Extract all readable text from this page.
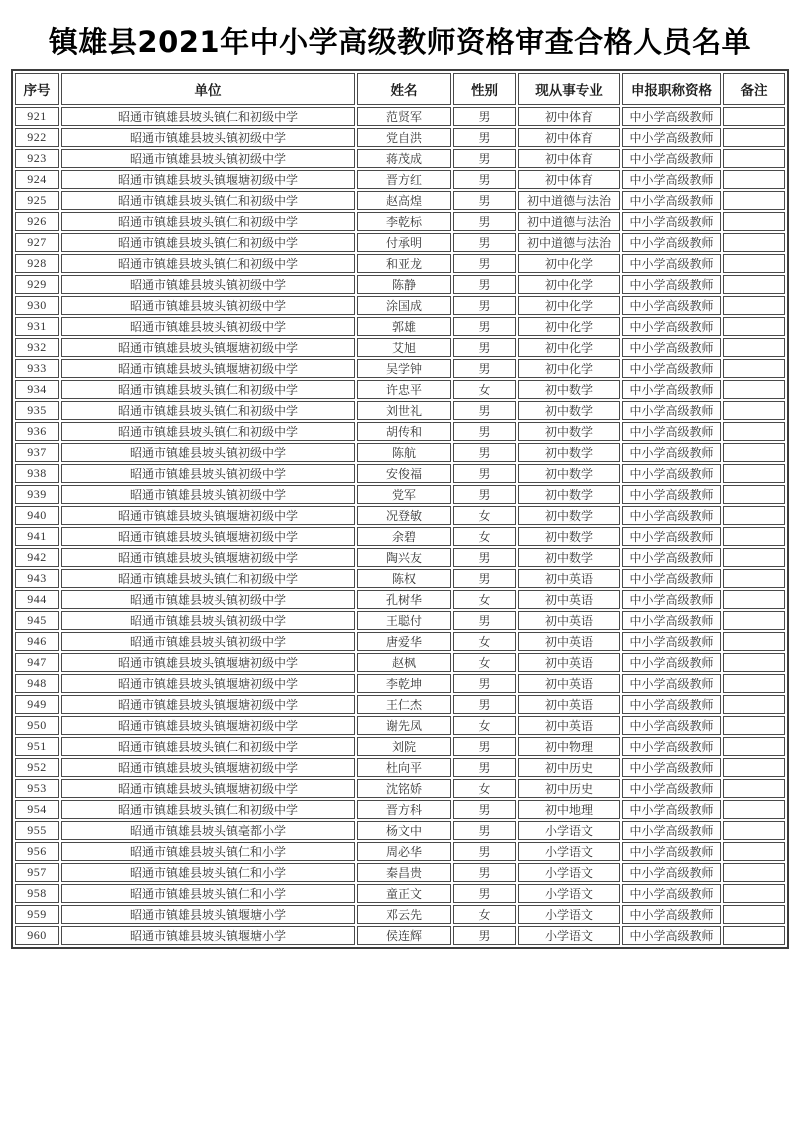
镇雄县2021年中小学高级教师资格审查合格人员名单
序号	单位	姓名	性别	现从事专业	申报职称资格	备注
921	昭通市镇雄县坡头镇仁和初级中学	范贤军	男	初中体育	中小学高级教师	
922	昭通市镇雄县坡头镇初级中学	党自洪	男	初中体育	中小学高级教师	
923	昭通市镇雄县坡头镇初级中学	蒋茂成	男	初中体育	中小学高级教师	
924	昭通市镇雄县坡头镇堰塘初级中学	晋方红	男	初中体育	中小学高级教师	
925	昭通市镇雄县坡头镇仁和初级中学	赵高煌	男	初中道德与法治	中小学高级教师	
926	昭通市镇雄县坡头镇仁和初级中学	李乾标	男	初中道德与法治	中小学高级教师	
927	昭通市镇雄县坡头镇仁和初级中学	付承明	男	初中道德与法治	中小学高级教师	
928	昭通市镇雄县坡头镇仁和初级中学	和亚龙	男	初中化学	中小学高级教师	
929	昭通市镇雄县坡头镇初级中学	陈静	男	初中化学	中小学高级教师	
930	昭通市镇雄县坡头镇初级中学	涂国成	男	初中化学	中小学高级教师	
931	昭通市镇雄县坡头镇初级中学	郭雄	男	初中化学	中小学高级教师	
932	昭通市镇雄县坡头镇堰塘初级中学	艾旭	男	初中化学	中小学高级教师	
933	昭通市镇雄县坡头镇堰塘初级中学	吴学钟	男	初中化学	中小学高级教师	
934	昭通市镇雄县坡头镇仁和初级中学	许忠平	女	初中数学	中小学高级教师	
935	昭通市镇雄县坡头镇仁和初级中学	刘世礼	男	初中数学	中小学高级教师	
936	昭通市镇雄县坡头镇仁和初级中学	胡传和	男	初中数学	中小学高级教师	
937	昭通市镇雄县坡头镇初级中学	陈航	男	初中数学	中小学高级教师	
938	昭通市镇雄县坡头镇初级中学	安俊福	男	初中数学	中小学高级教师	
939	昭通市镇雄县坡头镇初级中学	党军	男	初中数学	中小学高级教师	
940	昭通市镇雄县坡头镇堰塘初级中学	况登敏	女	初中数学	中小学高级教师	
941	昭通市镇雄县坡头镇堰塘初级中学	余碧	女	初中数学	中小学高级教师	
942	昭通市镇雄县坡头镇堰塘初级中学	陶兴友	男	初中数学	中小学高级教师	
943	昭通市镇雄县坡头镇仁和初级中学	陈权	男	初中英语	中小学高级教师	
944	昭通市镇雄县坡头镇初级中学	孔树华	女	初中英语	中小学高级教师	
945	昭通市镇雄县坡头镇初级中学	王聪付	男	初中英语	中小学高级教师	
946	昭通市镇雄县坡头镇初级中学	唐爱华	女	初中英语	中小学高级教师	
947	昭通市镇雄县坡头镇堰塘初级中学	赵枫	女	初中英语	中小学高级教师	
948	昭通市镇雄县坡头镇堰塘初级中学	李乾坤	男	初中英语	中小学高级教师	
949	昭通市镇雄县坡头镇堰塘初级中学	王仁杰	男	初中英语	中小学高级教师	
950	昭通市镇雄县坡头镇堰塘初级中学	谢先凤	女	初中英语	中小学高级教师	
951	昭通市镇雄县坡头镇仁和初级中学	刘院	男	初中物理	中小学高级教师	
952	昭通市镇雄县坡头镇堰塘初级中学	杜向平	男	初中历史	中小学高级教师	
953	昭通市镇雄县坡头镇堰塘初级中学	沈铭娇	女	初中历史	中小学高级教师	
954	昭通市镇雄县坡头镇仁和初级中学	晋方科	男	初中地理	中小学高级教师	
955	昭通市镇雄县坡头镇毫都小学	杨文中	男	小学语文	中小学高级教师	
956	昭通市镇雄县坡头镇仁和小学	周必华	男	小学语文	中小学高级教师	
957	昭通市镇雄县坡头镇仁和小学	秦昌贵	男	小学语文	中小学高级教师	
958	昭通市镇雄县坡头镇仁和小学	童正文	男	小学语文	中小学高级教师	
959	昭通市镇雄县坡头镇堰塘小学	邓云先	女	小学语文	中小学高级教师	
960	昭通市镇雄县坡头镇堰塘小学	侯连辉	男	小学语文	中小学高级教师	
